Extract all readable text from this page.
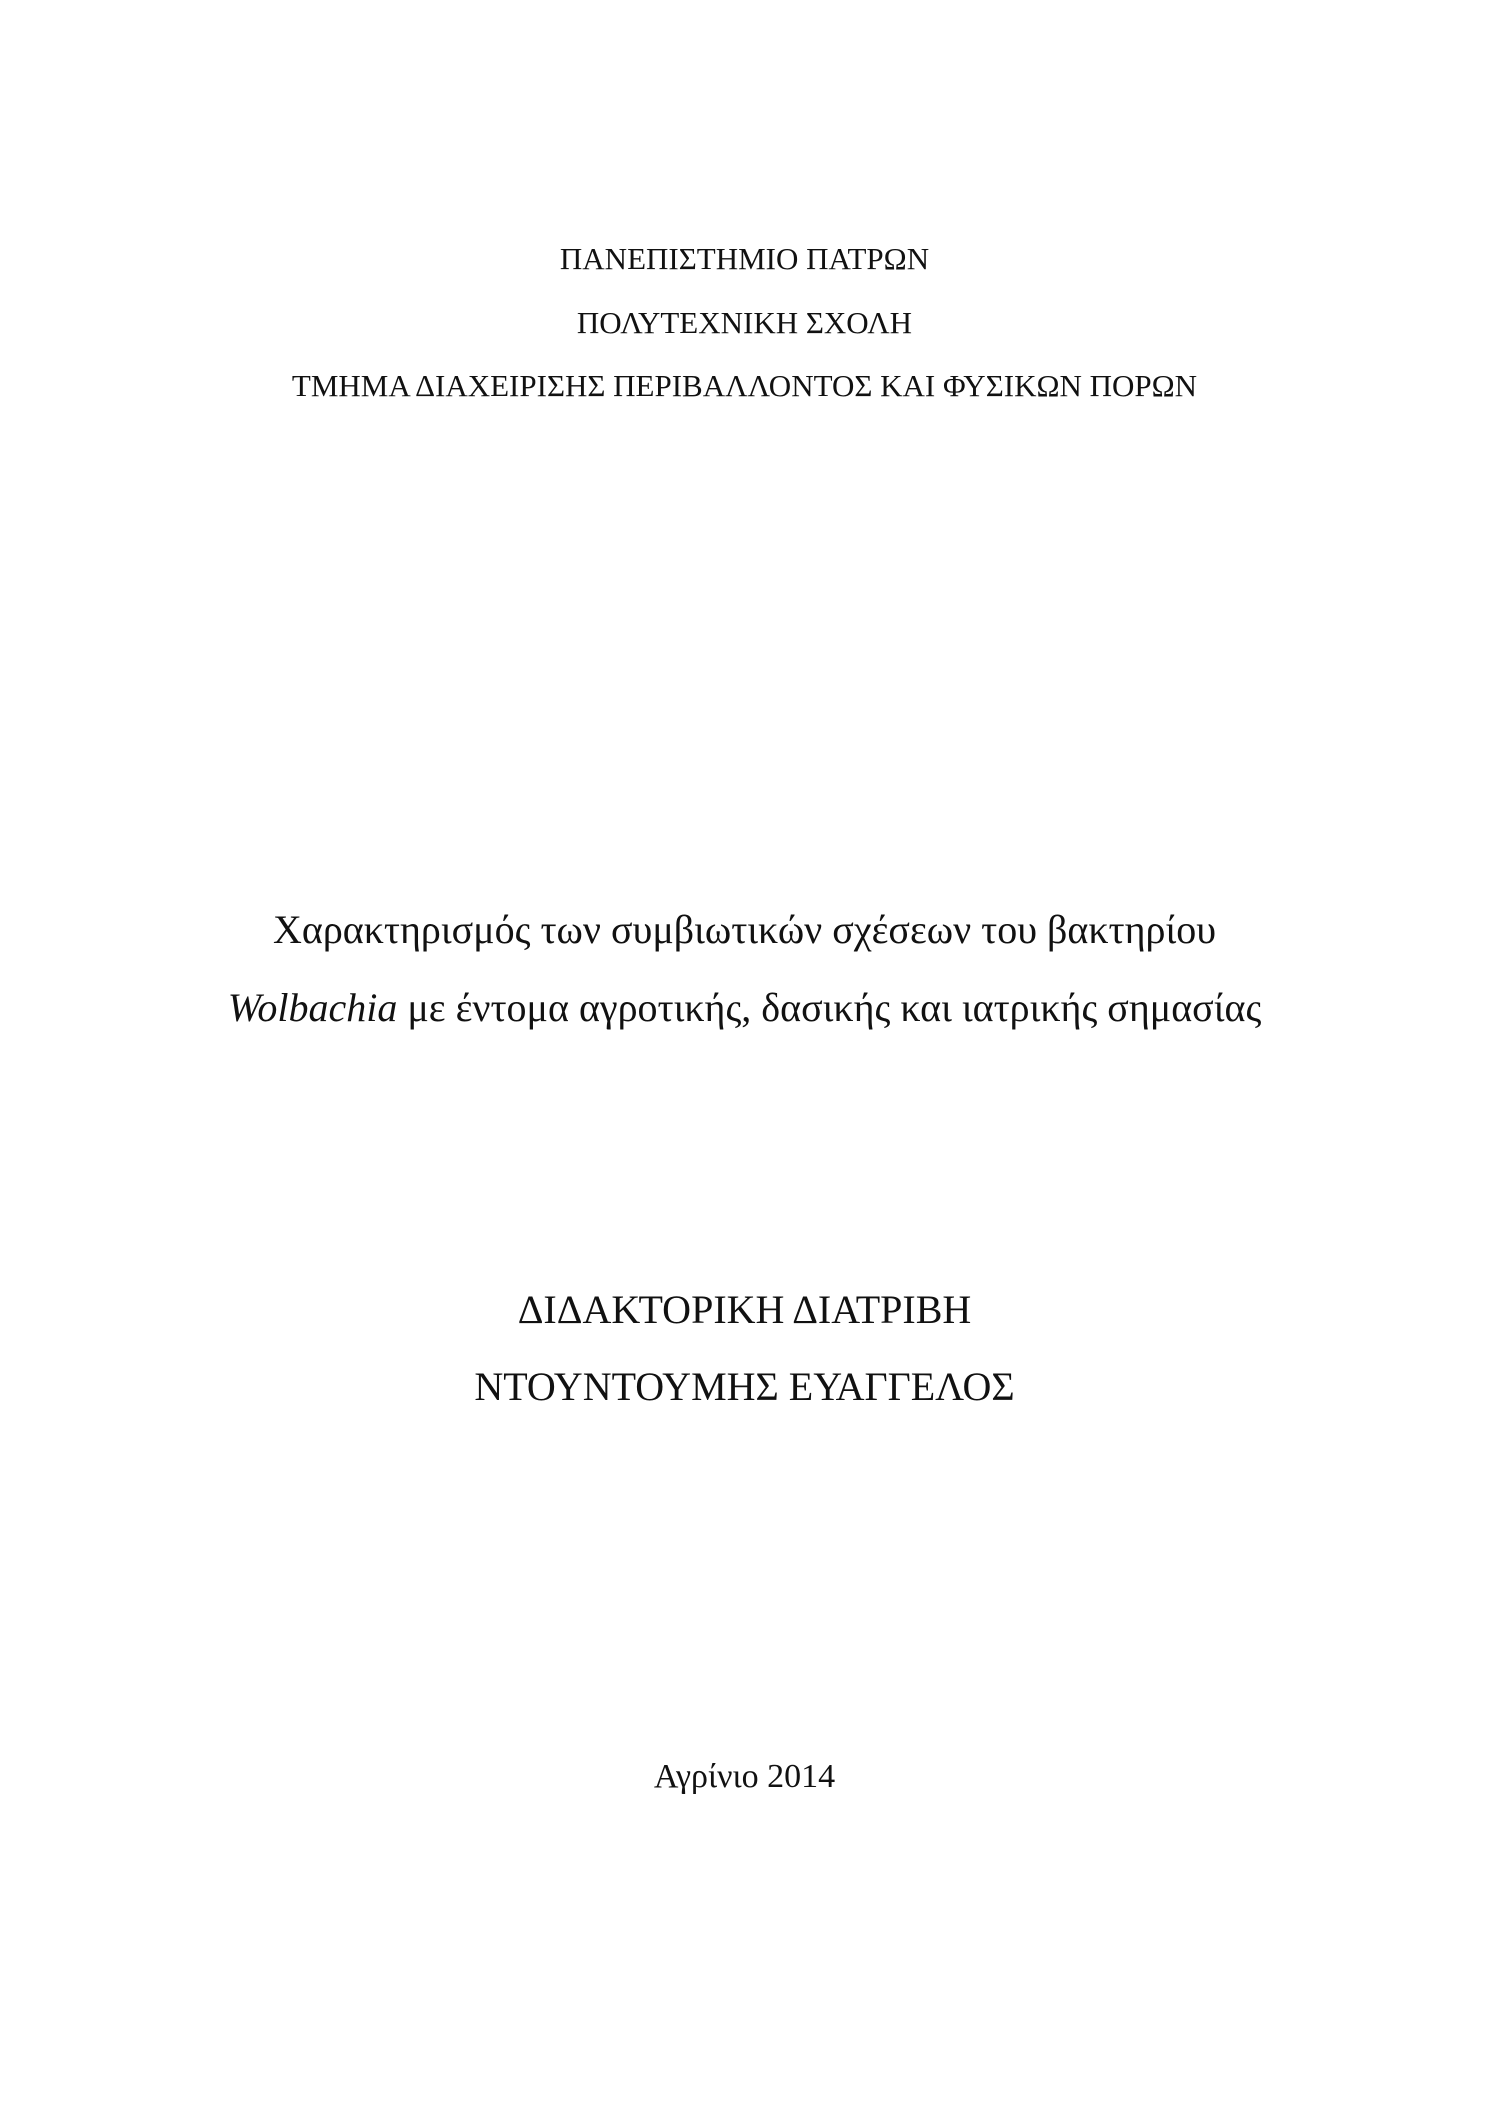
ΠΑΝΕΠΙΣΤΗΜΙΟ ΠΑΤΡΩΝ
ΠΟΛΥΤΕΧΝΙΚΗ ΣΧΟΛΗ
ΤΜΗΜΑ ΔΙΑΧΕΙΡΙΣΗΣ ΠΕΡΙΒΑΛΛΟΝΤΟΣ ΚΑΙ ΦΥΣΙΚΩΝ ΠΟΡΩΝ
Χαρακτηρισμός των συμβιωτικών σχέσεων του βακτηρίου
Wolbachia με έντομα αγροτικής, δασικής και ιατρικής σημασίας
ΔΙΔΑΚΤΟΡΙΚΗ ΔΙΑΤΡΙΒΗ
ΝΤΟΥΝΤΟΥΜΗΣ ΕΥΑΓΓΕΛΟΣ
Αγρίνιο 2014
